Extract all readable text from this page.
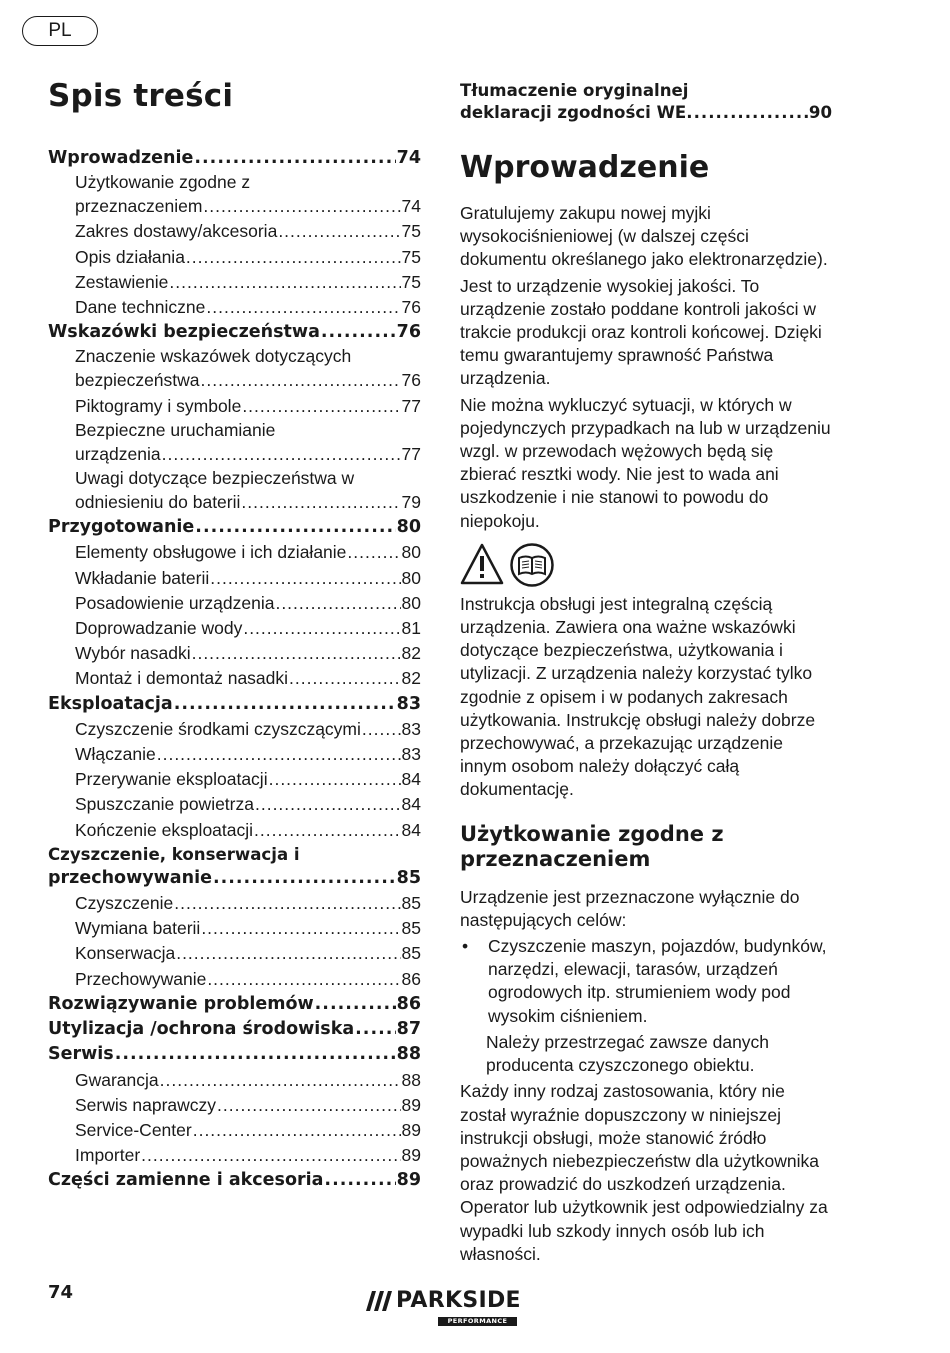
PL
Spis treści
Wprowadzenie .....	74
Użytkowanie zgodne z
przeznaczeniem .....	74
Zakres dostawy/akcesoria .....	75
Opis działania .....	75
Zestawienie .....	75
Dane techniczne .....	76
Wskazówki bezpieczeństwa .....	76
Znaczenie wskazówek dotyczących
bezpieczeństwa .....	76
Piktogramy i symbole .....	77
Bezpieczne uruchamianie
urządzenia .....	77
Uwagi dotyczące bezpieczeństwa w
odniesieniu do baterii .....	79
Przygotowanie .....	80
Elementy obsługowe i ich działanie .....	80
Wkładanie baterii .....	80
Posadowienie urządzenia .....	80
Doprowadzanie wody .....	81
Wybór nasadki .....	82
Montaż i demontaż nasadki .....	82
Eksploatacja .....	83
Czyszczenie środkami czyszczącymi ..... 83
Włączanie .....	83
Przerywanie eksploatacji .....	84
Spuszczanie powietrza .....	84
Kończenie eksploatacji .....	84
Czyszczenie, konserwacja i
przechowywanie .....	85
Czyszczenie .....	85
Wymiana baterii .....	85
Konserwacja .....	85
Przechowywanie .....	86
Rozwiązywanie problemów .....	86
Utylizacja /ochrona środowiska ..... 87
Serwis .....	88
Gwarancja .....	88
Serwis naprawczy .....	89
Service-Center .....	89
Importer .....	89
Części zamienne i akcesoria .....	89
Tłumaczenie oryginalnej
deklaracji zgodności WE .....	90
Wprowadzenie

Gratulujemy zakupu nowej myjki wysokociśnieniowej (w dalszej części dokumentu określanego jako elektronarzędzie).

Jest to urządzenie wysokiej jakości. To urządzenie zostało poddane kontroli jakości w trakcie produkcji oraz kontroli końcowej. Dzięki temu gwarantujemy sprawność Państwa urządzenia.

Nie można wykluczyć sytuacji, w których w pojedynczych przypadkach na lub w urządzeniu wzgl. w przewodach wężowych będą się zbierać resztki wody. Nie jest to wada ani uszkodzenie i nie stanowi to powodu do niepokoju.

Instrukcja obsługi jest integralną częścią urządzenia. Zawiera ona ważne wskazówki dotyczące bezpieczeństwa, użytkowania i utylizacji. Z urządzenia należy korzystać tylko zgodnie z opisem i w podanych zakresach użytkowania. Instrukcję obsługi należy dobrze przechowywać, a przekazując urządzenie innym osobom należy dołączyć całą dokumentację.

Użytkowanie zgodne z przeznaczeniem

Urządzenie jest przeznaczone wyłącznie do następujących celów:

•	Czyszczenie maszyn, pojazdów, budynków, narzędzi, elewacji, tarasów, urządzeń ogrodowych itp. strumieniem wody pod wysokim ciśnieniem.

Należy przestrzegać zawsze danych producenta czyszczonego obiektu.

Każdy inny rodzaj zastosowania, który nie został wyraźnie dopuszczony w niniejszej instrukcji obsługi, może stanowić źródło poważnych niebezpieczeństw dla użytkownika oraz prowadzić do uszkodzeń urządzenia. Operator lub użytkownik jest odpowiedzialny za wypadki lub szkody innych osób lub ich własności.

74	PARKSIDE
PERFORMANCE
